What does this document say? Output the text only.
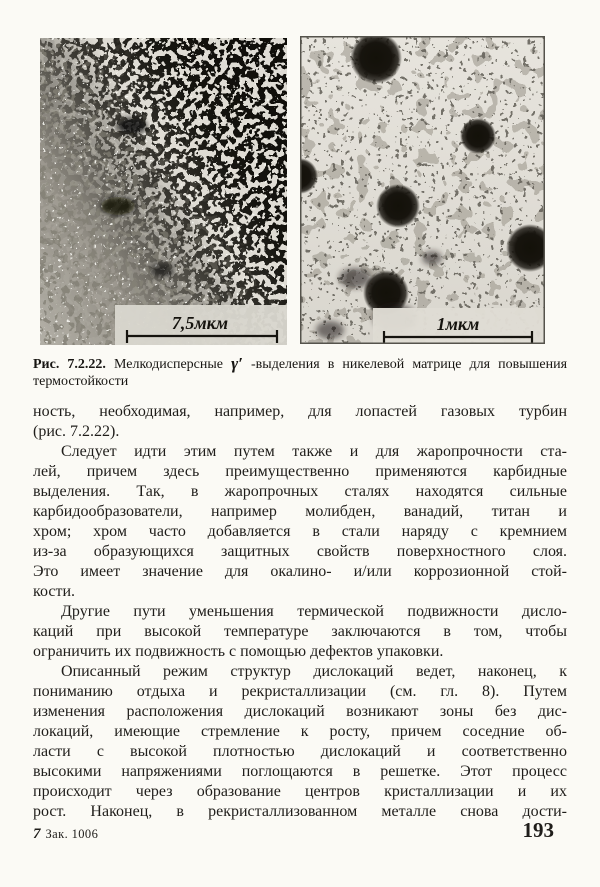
7,5мкм	1мкм
Рис. 7.2.22. Мелкодисперсные γ′ -выделения в никелевой матрице для повышения
термостойкости
ность, необходимая, например, для лопастей газовых турбин
(рис. 7.2.22).
Следует идти этим путем также и для жаропрочности ста-
лей, причем здесь преимущественно применяются карбидные
выделения. Так, в жаропрочных сталях находятся сильные
карбидообразователи, например молибден, ванадий, титан и
хром; хром часто добавляется в стали наряду с кремнием
из-за образующихся защитных свойств поверхностного слоя.
Это имеет значение для окалино- и/или коррозионной стой-
кости.
Другие пути уменьшения термической подвижности дисло-
каций при высокой температуре заключаются в том, чтобы
ограничить их подвижность с помощью дефектов упаковки.
Описанный режим структур дислокаций ведет, наконец, к
пониманию отдыха и рекристаллизации (см. гл. 8). Путем
изменения расположения дислокаций возникают зоны без дис-
локаций, имеющие стремление к росту, причем соседние об-
ласти с высокой плотностью дислокаций и соответственно
высокими напряжениями поглощаются в решетке. Этот процесс
происходит через образование центров кристаллизации и их
рост. Наконец, в рекристаллизованном металле снова дости-
7 Зак. 1006	193
